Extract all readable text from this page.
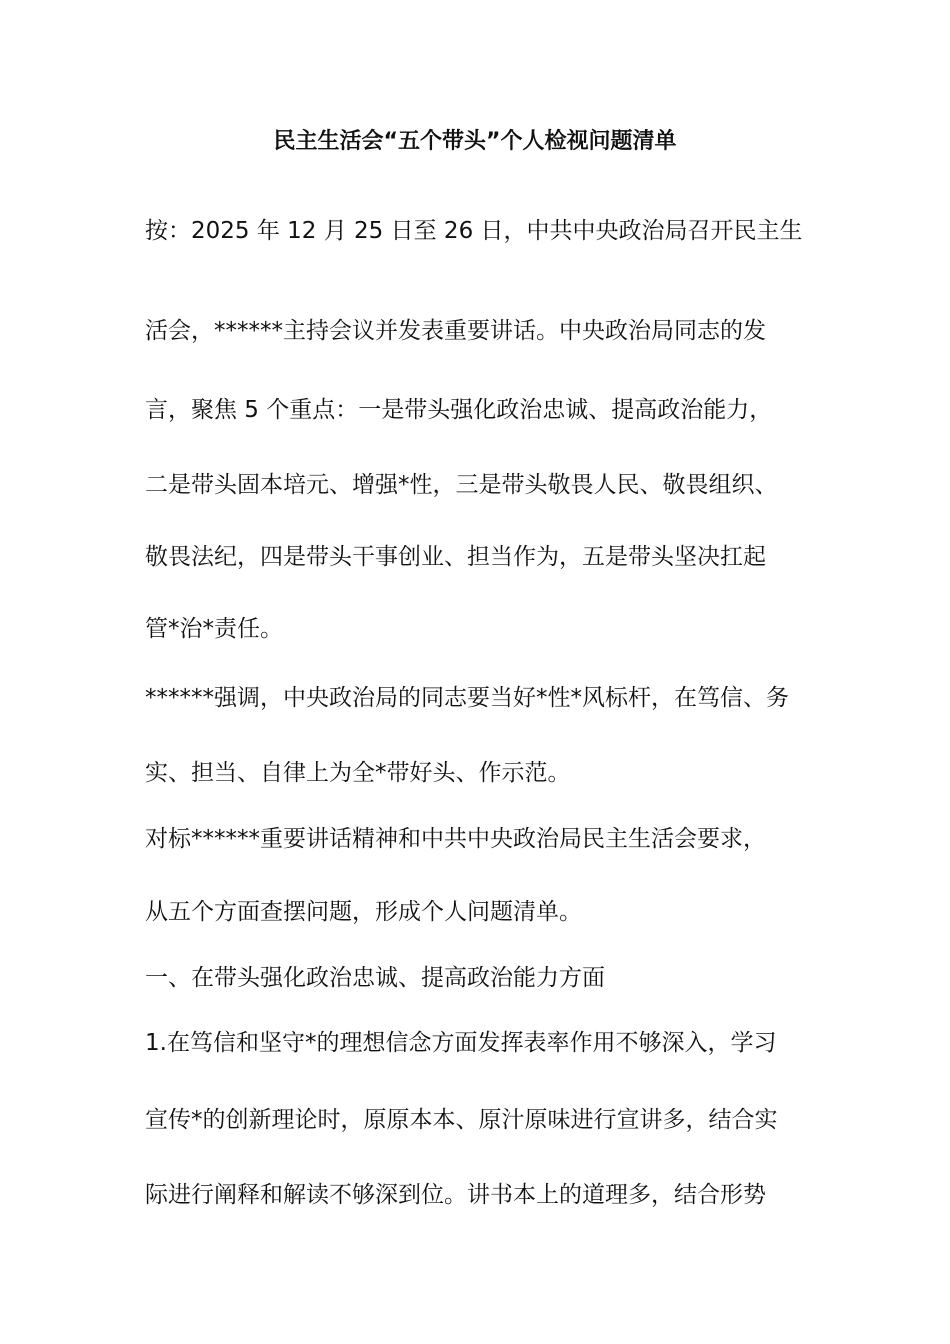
民主生活会“五个带头”个人检视问题清单
按：2025 年 12 月 25 日至 26 日，中共中央政治局召开民主生
活会，******主持会议并发表重要讲话。中央政治局同志的发
言，聚焦 5 个重点：一是带头强化政治忠诚、提高政治能力，
二是带头固本培元、增强*性，三是带头敬畏人民、敬畏组织、
敬畏法纪，四是带头干事创业、担当作为，五是带头坚决扛起
管*治*责任。
******强调，中央政治局的同志要当好*性*风标杆，在笃信、务
实、担当、自律上为全*带好头、作示范。
对标******重要讲话精神和中共中央政治局民主生活会要求，
从五个方面查摆问题，形成个人问题清单。
一、在带头强化政治忠诚、提高政治能力方面
1.在笃信和坚守*的理想信念方面发挥表率作用不够深入，学习
宣传*的创新理论时，原原本本、原汁原味进行宣讲多，结合实
际进行阐释和解读不够深到位。讲书本上的道理多，结合形势
